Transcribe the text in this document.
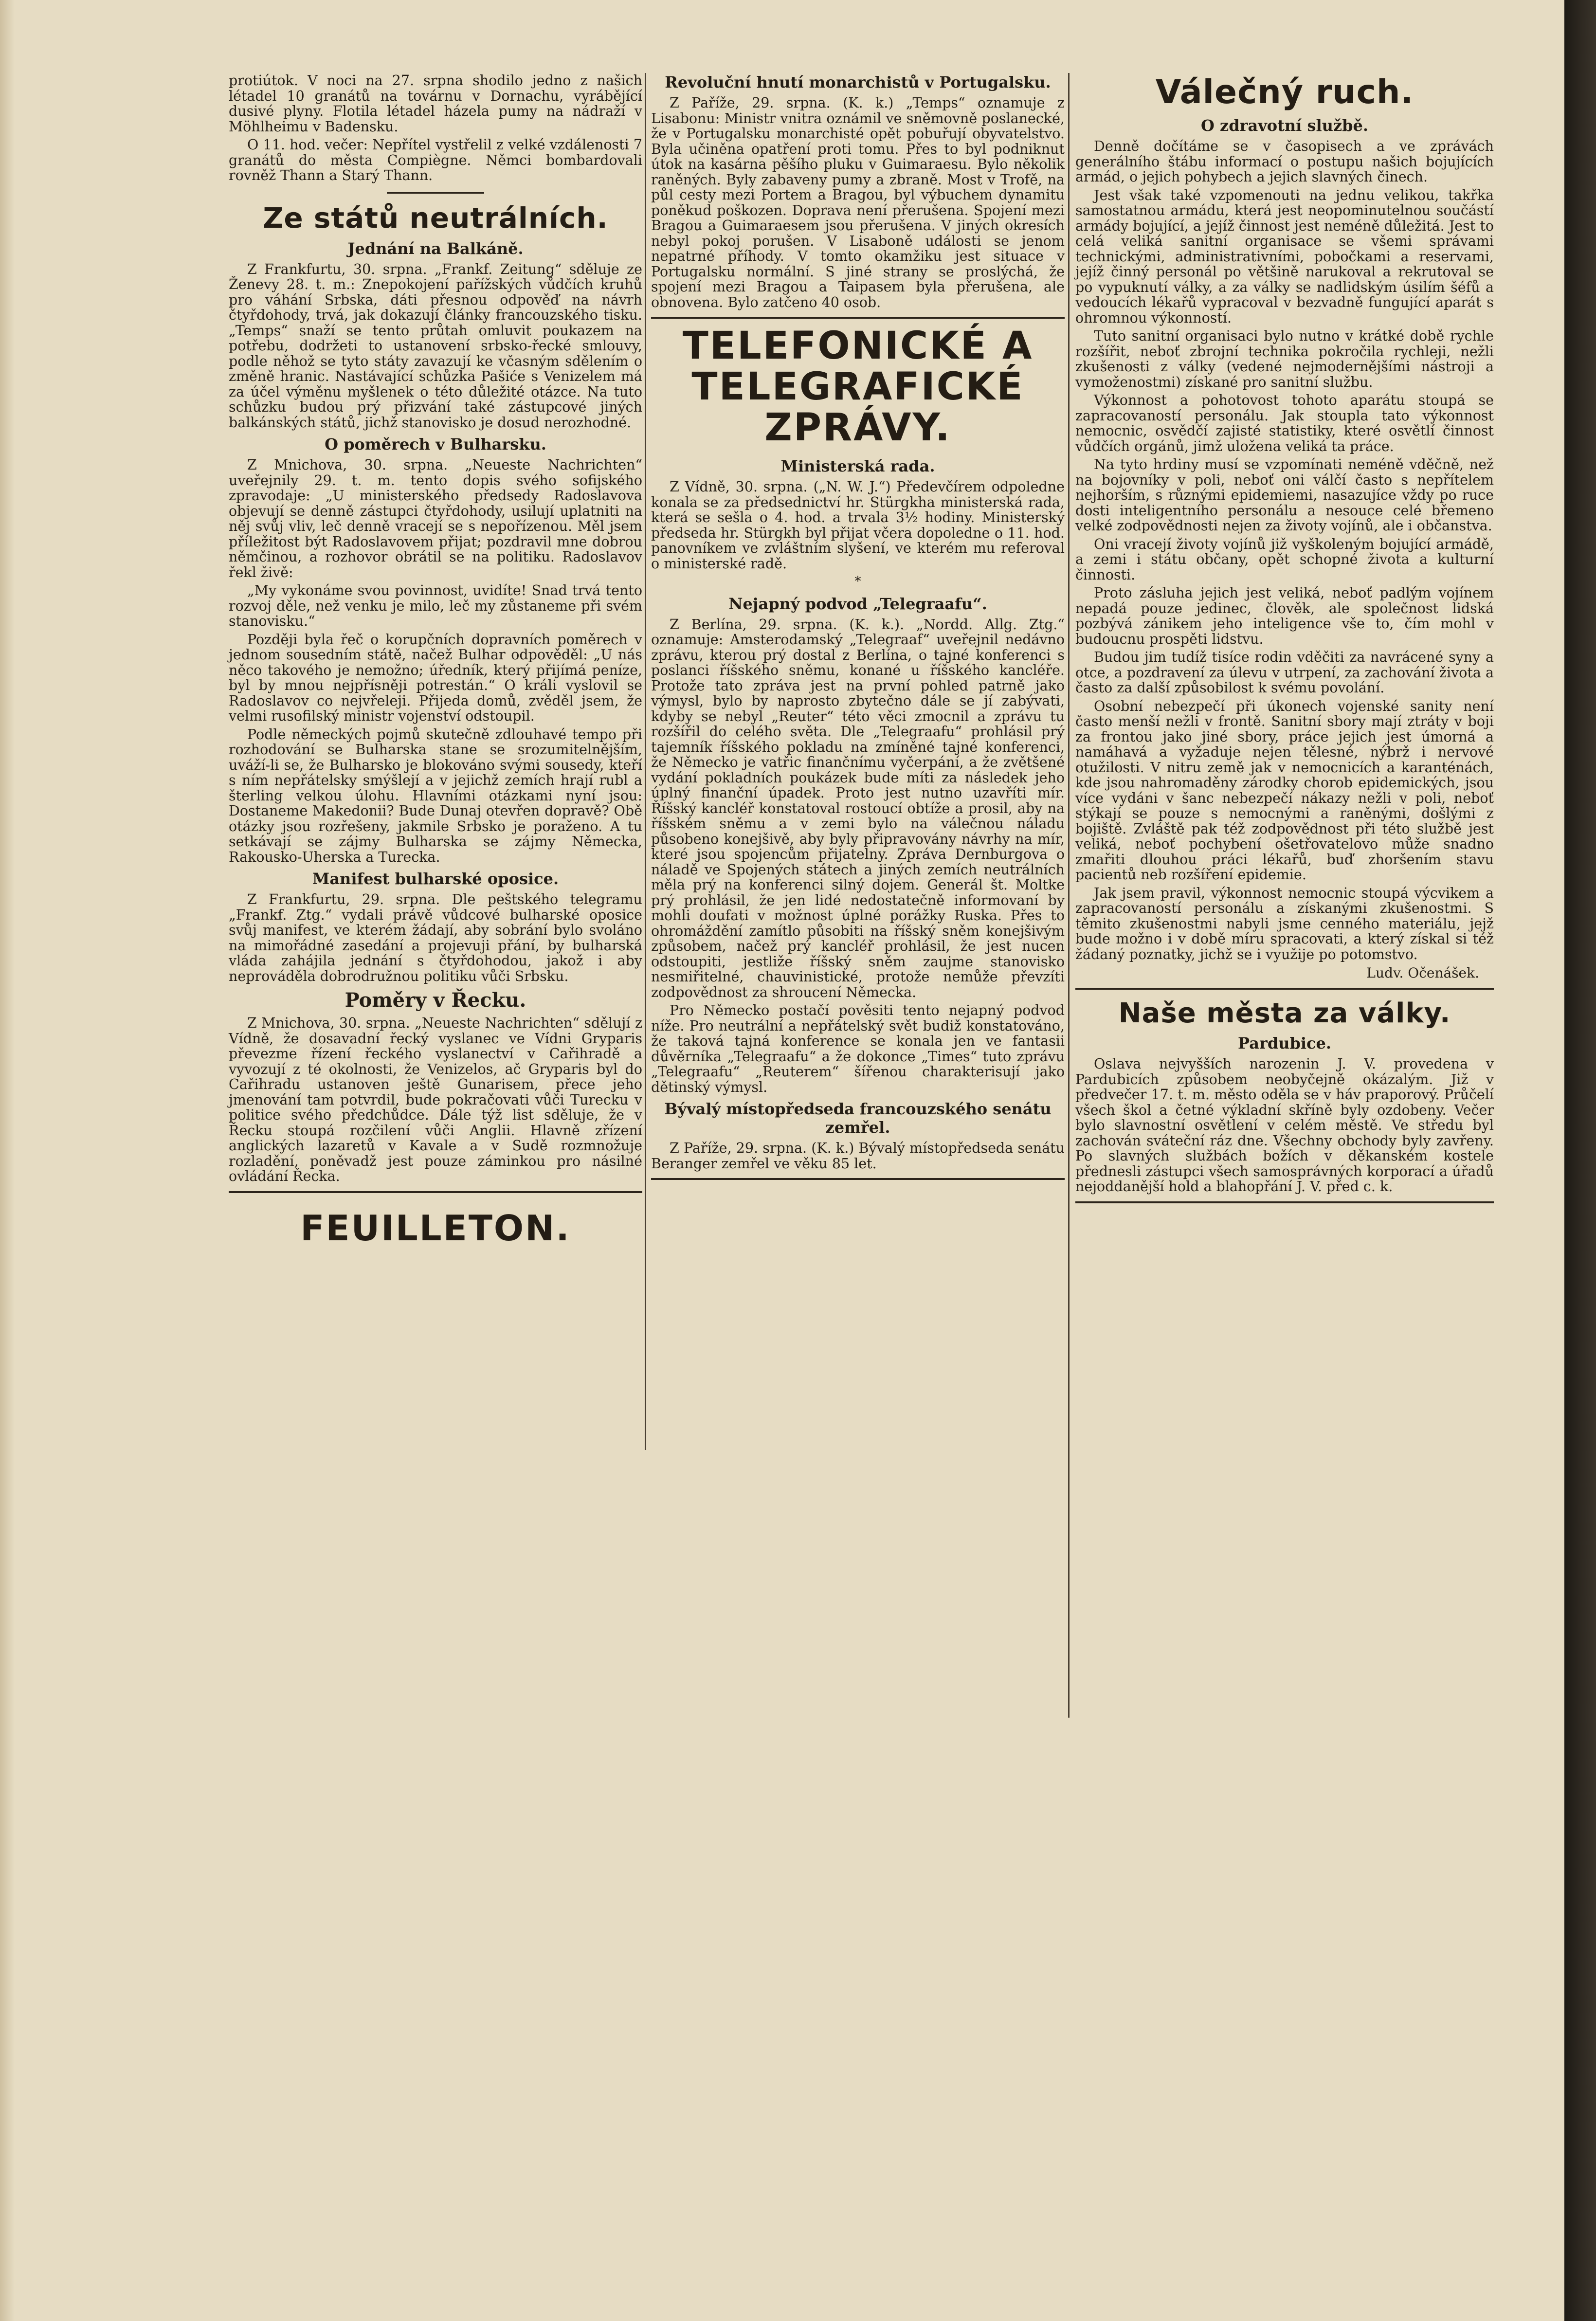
protiútok. V noci na 27. srpna shodilo jedno z našich létadel 10 granátů na továrnu v Dornachu, vyrábějící dusivé plyny. Flotila létadel házela pumy na nádraží v Möhlheimu v Badensku.

O 11. hod. večer: Nepřítel vystřelil z velké vzdálenosti 7 granátů do města Compiègne. Němci bombardovali rovněž Thann a Starý Thann.

Ze států neutrálních.
Jednání na Balkáně.

Z Frankfurtu, 30. srpna. „Frankf. Zeitung“ sděluje ze Ženevy 28. t. m.: Znepokojení pařížských vůdčích kruhů pro váhání Srbska, dáti přesnou odpověď na návrh čtyřdohody, trvá, jak dokazují články francouzského tisku. „Temps“ snaží se tento průtah omluvit poukazem na potřebu, dodržeti to ustanovení srbsko-řecké smlouvy, podle něhož se tyto státy zavazují ke včasným sdělením o změně hranic. Nastávající schůzka Pašiće s Venizelem má za účel výměnu myšlenek o této důležité otázce. Na tuto schůzku budou prý přizvání také zástupcové jiných balkánských států, jichž stanovisko je dosud nerozhodné.

O poměrech v Bulharsku.

Z Mnichova, 30. srpna. „Neueste Nachrichten“ uveřejnily 29. t. m. tento dopis svého sofijského zpravodaje: „U ministerského předsedy Radoslavova objevují se denně zástupci čtyřdohody, usilují uplatniti na něj svůj vliv, leč denně vracejí se s nepořízenou. Měl jsem příležitost být Radoslavovem přijat; pozdravil mne dobrou němčinou, a rozhovor obrátil se na politiku. Radoslavov řekl živě:

„My vykonáme svou povinnost, uvidíte! Snad trvá tento rozvoj děle, než venku je milo, leč my zůstaneme při svém stanovisku.“

Později byla řeč o korupčních dopravních poměrech v jednom sousedním státě, načež Bulhar odpověděl: „U nás něco takového je nemožno; úředník, který přijímá peníze, byl by mnou nejpřísněji potrestán.“ O králi vyslovil se Radoslavov co nejvřeleji. Přijeda domů, zvěděl jsem, že velmi rusofilský ministr vojenství odstoupil.

Podle německých pojmů skutečně zdlouhavé tempo při rozhodování se Bulharska stane se srozumitelnějším, uváží-li se, že Bulharsko je blokováno svými sousedy, kteří s ním nepřátelsky smýšlejí a v jejichž zemích hrají rubl a šterling velkou úlohu. Hlavními otázkami nyní jsou: Dostaneme Makedonii? Bude Dunaj otevřen dopravě? Obě otázky jsou rozřešeny, jakmile Srbsko je poraženo. A tu setkávají se zájmy Bulharska se zájmy Německa, Rakousko-Uherska a Turecka.

Manifest bulharské oposice.

Z Frankfurtu, 29. srpna. Dle peštského telegramu „Frankf. Ztg.“ vydali právě vůdcové bulharské oposice svůj manifest, ve kterém žádají, aby sobrání bylo svoláno na mimořádné zasedání a projevuji přání, by bulharská vláda zahájila jednání s čtyřdohodou, jakož i aby neprováděla dobrodružnou politiku vůči Srbsku.

Poměry v Řecku.

Z Mnichova, 30. srpna. „Neueste Nachrichten“ sdělují z Vídně, že dosavadní řecký vyslanec ve Vídni Gryparis převezme řízení řeckého vyslanectví v Cařihradě a vyvozují z té okolnosti, že Venizelos, ač Gryparis byl do Cařihradu ustanoven ještě Gunarisem, přece jeho jmenování tam potvrdil, bude pokračovati vůči Turecku v politice svého předchůdce. Dále týž list sděluje, že v Řecku stoupá rozčilení vůči Anglii. Hlavně zřízení anglických lazaretů v Kavale a v Sudě rozmnožuje rozladění, poněvadž jest pouze záminkou pro násilné ovládání Řecka.

FEUILLETON.
Revoluční hnutí monarchistů v Portugalsku.

Z Paříže, 29. srpna. (K. k.) „Temps“ oznamuje z Lisabonu: Ministr vnitra oznámil ve sněmovně poslanecké, že v Portugalsku monarchisté opět pobuřují obyvatelstvo. Byla učiněna opatření proti tomu. Přes to byl podniknut útok na kasárna pěšího pluku v Guimaraesu. Bylo několik raněných. Byly zabaveny pumy a zbraně. Most v Trofě, na půl cesty mezi Portem a Bragou, byl výbuchem dynamitu poněkud poškozen. Doprava není přerušena. Spojení mezi Bragou a Guimaraesem jsou přerušena. V jiných okresích nebyl pokoj porušen. V Lisaboně události se jenom nepatrné příhody. V tomto okamžiku jest situace v Portugalsku normální. S jiné strany se proslýchá, že spojení mezi Bragou a Taipasem byla přerušena, ale obnovena. Bylo zatčeno 40 osob.

TELEFONICKÉ A TELEGRAFICKÉ ZPRÁVY.
Ministerská rada.

Z Vídně, 30. srpna. („N. W. J.“) Předevčírem odpoledne konala se za předsednictví hr. Stürgkha ministerská rada, která se sešla o 4. hod. a trvala 3½ hodiny. Ministerský předseda hr. Stürgkh byl přijat včera dopoledne o 11. hod. panovníkem ve zvláštním slyšení, ve kterém mu referoval o ministerské radě.

*

Nejapný podvod „Telegraafu“.

Z Berlína, 29. srpna. (K. k.). „Nordd. Allg. Ztg.“ oznamuje: Amsterodamský „Telegraaf“ uveřejnil nedávno zprávu, kterou prý dostal z Berlína, o tajné konferenci s poslanci říšského sněmu, konané u říšského kancléře. Protože tato zpráva jest na první pohled patrně jako výmysl, bylo by naprosto zbytečno dále se jí zabývati, kdyby se nebyl „Reuter“ této věci zmocnil a zprávu tu rozšířil do celého světa. Dle „Telegraafu“ prohlásil prý tajemník říšského pokladu na zmíněné tajné konferenci, že Německo je vatřic finančnímu vyčerpání, a že zvětšené vydání pokladních poukázek bude míti za následek jeho úplný finanční úpadek. Proto jest nutno uzavříti mír. Říšský kancléř konstatoval rostoucí obtíže a prosil, aby na říšském sněmu a v zemi bylo na válečnou náladu působeno konejšivě, aby byly připravovány návrhy na mír, které jsou spojencům přijatelny. Zpráva Dernburgova o náladě ve Spojených státech a jiných zemích neutrálních měla prý na konferenci silný dojem. Generál št. Moltke prý prohlásil, že jen lidé nedostatečně informovaní by mohli doufati v možnost úplné porážky Ruska. Přes to ohromáždění zamítlo působiti na říšský sněm konejšivým způsobem, načež prý kancléř prohlásil, že jest nucen odstoupiti, jestliže říšský sněm zaujme stanovisko nesmiřitelné, chauvinistické, protože nemůže převzíti zodpovědnost za shroucení Německa.

Pro Německo postačí pověsiti tento nejapný podvod níže. Pro neutrální a nepřátelský svět budiž konstatováno, že taková tajná konference se konala jen ve fantasii důvěrníka „Telegraafu“ a že dokonce „Times“ tuto zprávu „Telegraafu“ „Reuterem“ šířenou charakterisují jako dětinský výmysl.

Bývalý místopředseda francouzského senátu zemřel.

Z Paříže, 29. srpna. (K. k.) Bývalý místopředseda senátu Beranger zemřel ve věku 85 let.

Válečný ruch.
O zdravotní službě.

Denně dočítáme se v časopisech a ve zprávách generálního štábu informací o postupu našich bojujících armád, o jejich pohybech a jejich slavných činech.

Jest však také vzpomenouti na jednu velikou, takřka samostatnou armádu, která jest neopominutelnou součástí armády bojující, a jejíž činnost jest neméně důležitá. Jest to celá veliká sanitní organisace se všemi správami technickými, administrativními, pobočkami a reservami, jejíž činný personál po většině narukoval a rekrutoval se po vypuknutí války, a za války se nadlidským úsilím šéfů a vedoucích lékařů vypracoval v bezvadně fungující aparát s ohromnou výkonností.

Tuto sanitní organisaci bylo nutno v krátké době rychle rozšířit, neboť zbrojní technika pokročila rychleji, nežli zkušenosti z války (vedené nejmodernějšími nástroji a vymoženostmi) získané pro sanitní službu.

Výkonnost a pohotovost tohoto aparátu stoupá se zapracovaností personálu. Jak stoupla tato výkonnost nemocnic, osvědčí zajisté statistiky, které osvětlí činnost vůdčích orgánů, jimž uložena veliká ta práce.

Na tyto hrdiny musí se vzpomínati neméně vděčně, než na bojovníky v poli, neboť oni válčí často s nepřítelem nejhorším, s různými epidemiemi, nasazujíce vždy po ruce dosti inteligentního personálu a nesouce celé břemeno velké zodpovědnosti nejen za životy vojínů, ale i občanstva.

Oni vracejí životy vojínů již vyškoleným bojující armádě, a zemi i státu občany, opět schopné života a kulturní činnosti.

Proto zásluha jejich jest veliká, neboť padlým vojínem nepadá pouze jedinec, člověk, ale společnost lidská pozbývá zánikem jeho inteligence vše to, čím mohl v budoucnu prospěti lidstvu.

Budou jim tudíž tisíce rodin vděčiti za navrácené syny a otce, a pozdravení za úlevu v utrpení, za zachování života a často za další způsobilost k svému povolání.

Osobní nebezpečí při úkonech vojenské sanity není často menší nežli v frontě. Sanitní sbory mají ztráty v boji za frontou jako jiné sbory, práce jejich jest úmorná a namáhavá a vyžaduje nejen tělesné, nýbrž i nervové otužilosti. V nitru země jak v nemocnicích a karanténách, kde jsou nahromaděny zárodky chorob epidemických, jsou více vydáni v šanc nebezpečí nákazy nežli v poli, neboť stýkají se pouze s nemocnými a raněnými, došlými z bojiště. Zvláště pak též zodpovědnost při této službě jest veliká, neboť pochybení ošetřovatelovo může snadno zmařiti dlouhou práci lékařů, buď zhoršením stavu pacientů neb rozšíření epidemie.

Jak jsem pravil, výkonnost nemocnic stoupá výcvikem a zapracovaností personálu a získanými zkušenostmi. S těmito zkušenostmi nabyli jsme cenného materiálu, jejž bude možno i v době míru spracovati, a který získal si též žádaný poznatky, jichž se i využije po potomstvo.

Ludv. Očenášek.
Naše města za války.
Pardubice.

Oslava nejvyšších narozenin J. V. provedena v Pardubicích způsobem neobyčejně okázalým. Již v předvečer 17. t. m. město oděla se v háv praporový. Průčelí všech škol a četné výkladní skříně byly ozdobeny. Večer bylo slavnostní osvětlení v celém městě. Ve středu byl zachován sváteční ráz dne. Všechny obchody byly zavřeny. Po slavných službách božích v děkanském kostele přednesli zástupci všech samosprávných korporací a úřadů nejoddanější hold a blahopřání J. V. před c. k.
